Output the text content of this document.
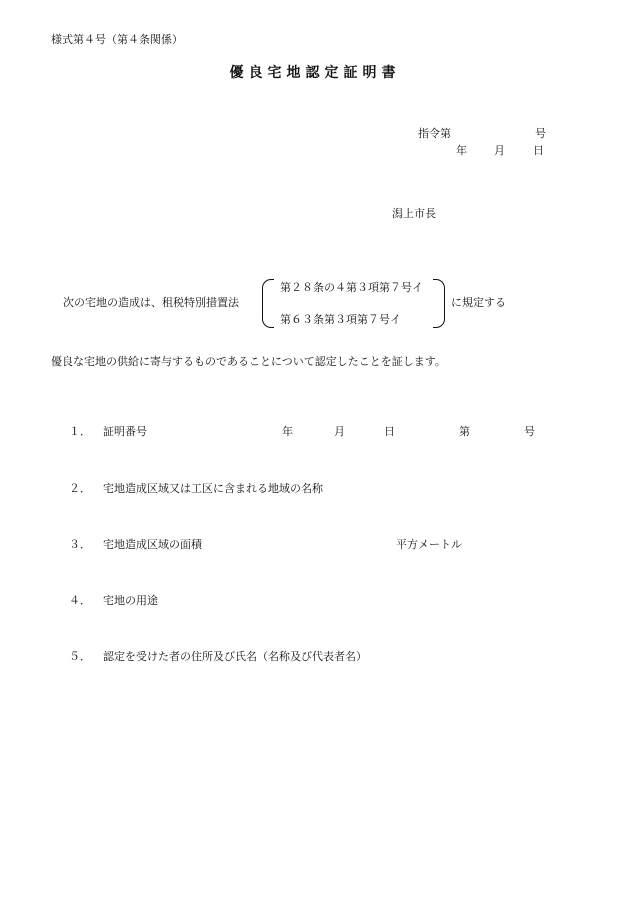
様式第４号（第４条関係）
優良宅地認定証明書
指令第	号
年 月	日
潟上市長
次の宅地の造成は、租税特別措置法
第２８条の４第３項第７号イ
第６３条第３項第７号イ
に規定する
優良な宅地の供給に寄与するものであることについて認定したことを証します。
１． 証明番号	年	月	日	第	号
２． 宅地造成区域又は工区に含まれる地域の名称
３． 宅地造成区域の面積	平方メートル
４． 宅地の用途
５． 認定を受けた者の住所及び氏名（名称及び代表者名）
